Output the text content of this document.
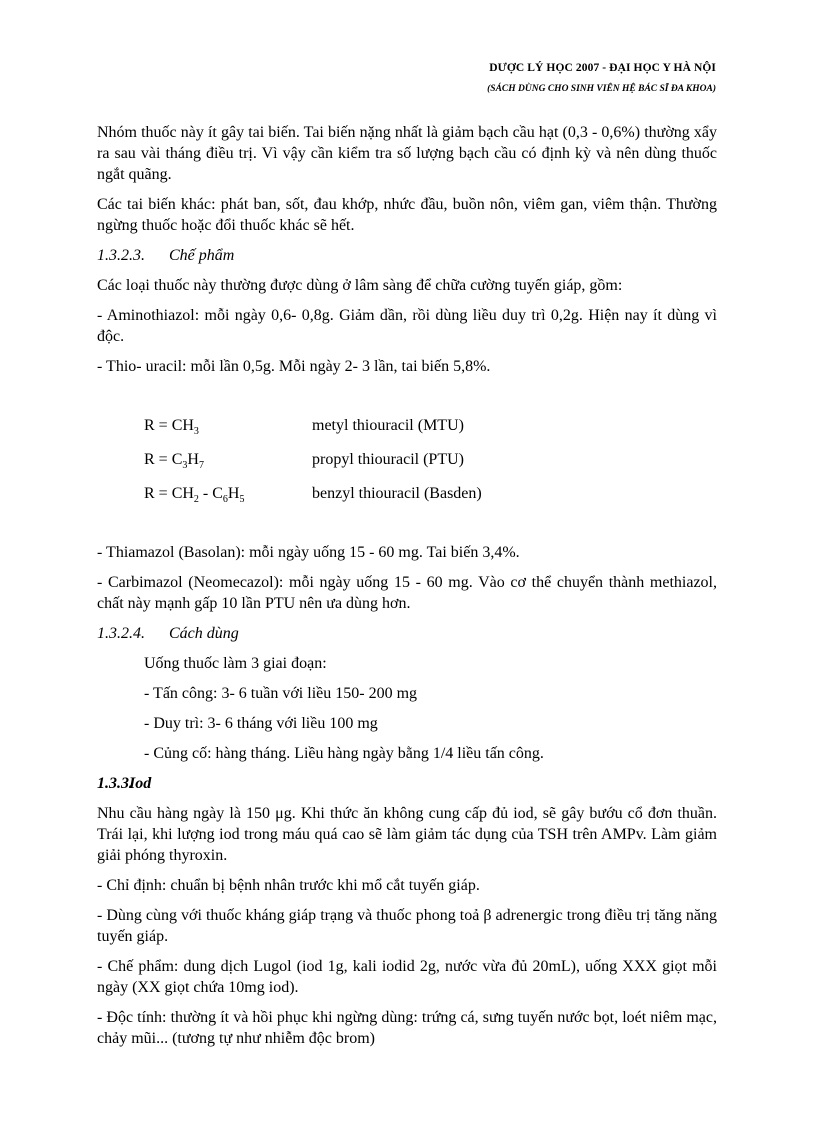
DƯỢC LÝ HỌC 2007 - ĐẠI HỌC Y HÀ NỘI
(SÁCH DÙNG CHO SINH VIÊN HỆ BÁC SĨ ĐA KHOA)
Nhóm thuốc này ít gây tai biến. Tai biến nặng nhất là giảm bạch cầu hạt (0,3 - 0,6%) thường xẩy ra sau vài tháng điều trị. Vì vậy cần kiểm tra số lượng bạch cầu có định kỳ và nên dùng thuốc ngắt quãng.
Các tai biến khác: phát ban, sốt, đau khớp, nhức đầu, buồn nôn, viêm gan, viêm thận. Thường ngừng thuốc hoặc đổi thuốc khác sẽ hết.
1.3.2.3. Chế phẩm
Các loại thuốc này thường được dùng ở lâm sàng để chữa cường tuyến giáp, gồm:
- Aminothiazol: mỗi ngày 0,6- 0,8g. Giảm dần, rồi dùng liều duy trì 0,2g. Hiện nay ít dùng vì độc.
- Thio- uracil: mỗi lần 0,5g. Mỗi ngày 2- 3 lần, tai biến 5,8%.
$R = CH_3$	metyl thiouracil (MTU)
$R = C_3H_7$	propyl thiouracil (PTU)
$R = CH_2 - C_6H_5$	benzyl thiouracil (Basden)
- Thiamazol (Basolan): mỗi ngày uống 15 - 60 mg. Tai biến 3,4%.
- Carbimazol (Neomecazol): mỗi ngày uống 15 - 60 mg. Vào cơ thể chuyển thành methiazol, chất này mạnh gấp 10 lần PTU nên ưa dùng hơn.
1.3.2.4. Cách dùng
Uống thuốc làm 3 giai đoạn:
- Tấn công: 3- 6 tuần với liều 150- 200 mg
- Duy trì: 3- 6 tháng với liều 100 mg
- Củng cố: hàng tháng. Liều hàng ngày bằng 1/4 liều tấn công.
1.3.3.Iod
Nhu cầu hàng ngày là 150 μg. Khi thức ăn không cung cấp đủ iod, sẽ gây bướu cổ đơn thuần. Trái lại, khi lượng iod trong máu quá cao sẽ làm giảm tác dụng của TSH trên AMPv. Làm giảm giải phóng thyroxin.
- Chỉ định: chuẩn bị bệnh nhân trước khi mổ cắt tuyến giáp.
- Dùng cùng với thuốc kháng giáp trạng và thuốc phong toả β adrenergic trong điều trị tăng năng tuyến giáp.
- Chế phẩm: dung dịch Lugol (iod 1g, kali iodid 2g, nước vừa đủ 20mL), uống XXX giọt mỗi ngày (XX giọt chứa 10mg iod).
- Độc tính: thường ít và hồi phục khi ngừng dùng: trứng cá, sưng tuyến nước bọt, loét niêm mạc, chảy mũi... (tương tự như nhiễm độc brom)
